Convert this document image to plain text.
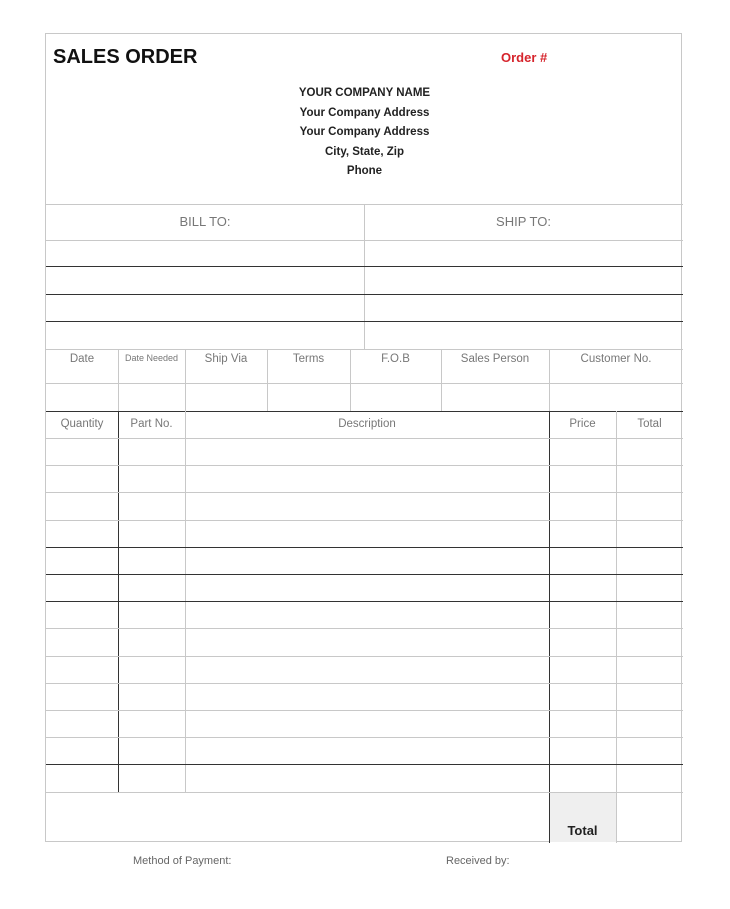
SALES ORDER	Order #
YOUR COMPANY NAME
Your Company Address
Your Company Address
City, State, Zip
Phone
BILL TO:	SHIP TO:
Date	Date Needed	Ship Via	Terms	F.O.B	Sales Person	Customer No.
Quantity	Part No.	Description	Price	Total
Total
Method of Payment:	Received by:
